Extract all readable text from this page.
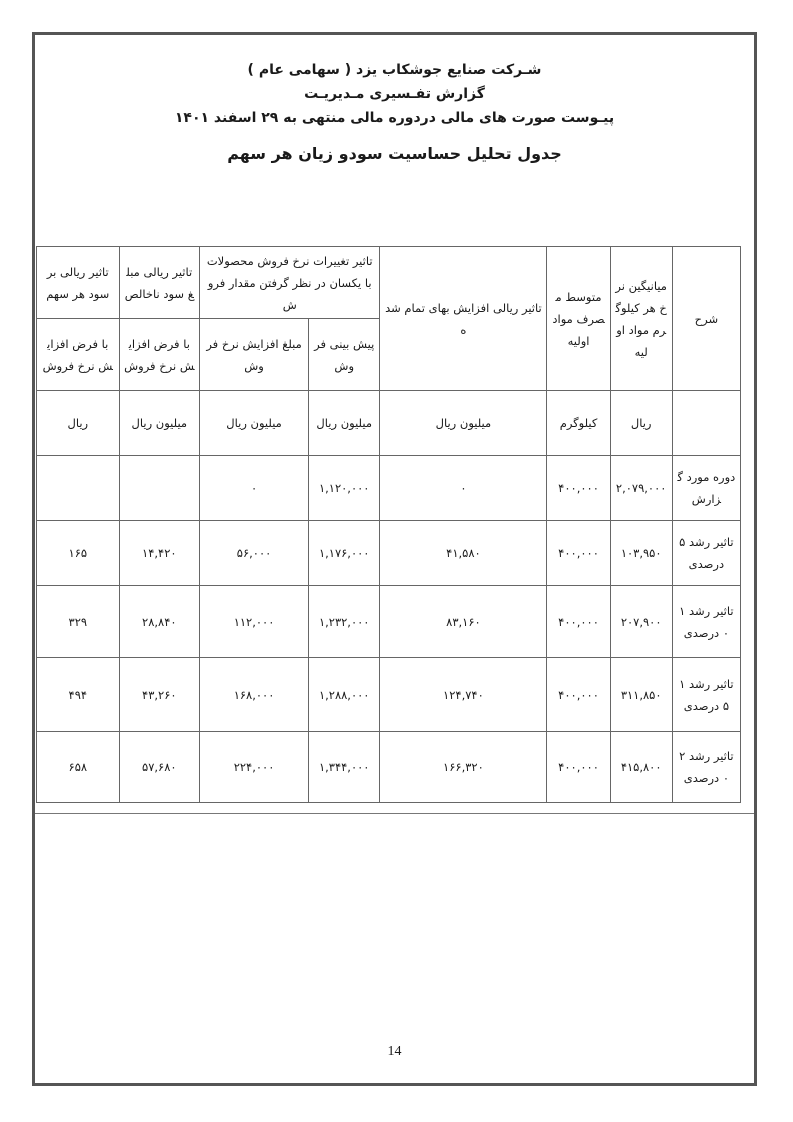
شـرکت صنایع جوشکاب یزد ( سهامی عام )
گزارش تفـسیری مـدیریـت
پیـوست صورت های مالی دردوره مالی منتهی به ۲۹ اسفند ۱۴۰۱
جدول تحلیل حساسیت سودو زیان هر سهم
شرح	میانیگین نرخ هر کیلوگرم مواد اولیه	متوسط مصرف مواد اولیه	تاثیر ریالی افزایش بهای تمام شده	تاثیر تغییرات نرخ فروش محصولات با یکسان در نظر گرفتن مقدار فروش		تاثیر ریالی مبلغ سود ناخالص	تاثیر ریالی بر سود هر سهم
				پیش بینی فروش	مبلغ افزایش نرخ فروش	با فرض افزایش نرخ فروش	با فرض افزایش نرخ فروش
	ریال	کیلوگرم	میلیون ریال	میلیون ریال	میلیون ریال	میلیون ریال	ریال
دوره مورد گزارش	۲,۰۷۹,۰۰۰	۴۰۰,۰۰۰	۰	۱,۱۲۰,۰۰۰	۰		
تاثیر رشد ۵ درصدی	۱۰۳,۹۵۰	۴۰۰,۰۰۰	۴۱,۵۸۰	۱,۱۷۶,۰۰۰	۵۶,۰۰۰	۱۴,۴۲۰	۱۶۵
تاثیر رشد ۱۰ درصدی	۲۰۷,۹۰۰	۴۰۰,۰۰۰	۸۳,۱۶۰	۱,۲۳۲,۰۰۰	۱۱۲,۰۰۰	۲۸,۸۴۰	۳۲۹
تاثیر رشد ۱۵ درصدی	۳۱۱,۸۵۰	۴۰۰,۰۰۰	۱۲۴,۷۴۰	۱,۲۸۸,۰۰۰	۱۶۸,۰۰۰	۴۳,۲۶۰	۴۹۴
تاثیر رشد ۲۰ درصدی	۴۱۵,۸۰۰	۴۰۰,۰۰۰	۱۶۶,۳۲۰	۱,۳۴۴,۰۰۰	۲۲۴,۰۰۰	۵۷,۶۸۰	۶۵۸
14
